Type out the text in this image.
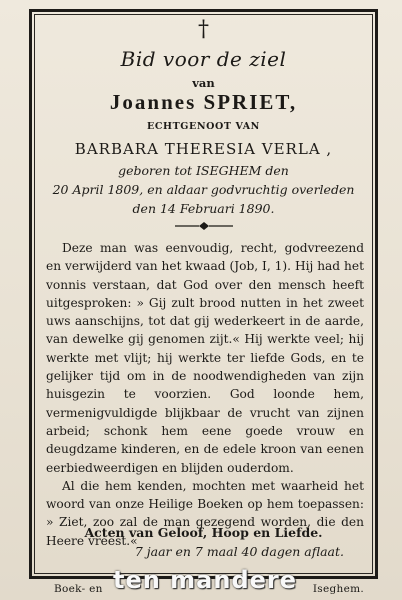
†
Bid voor de ziel
van
Joannes SPRIET,
ECHTGENOOT VAN
BARBARA THERESIA VERLA ,
geboren tot ISEGHEM den
20 April 1809, en aldaar godvruchtig overleden
den 14 Februari 1890.

Deze man was eenvoudig, recht, godvreezend en verwijderd van het kwaad (Job, I, 1). Hij had het vonnis verstaan, dat God over den mensch heeft uitgesproken: » Gij zult brood nutten in het zweet uws aanschijns, tot dat gij wederkeert in de aarde, van dewelke gij genomen zijt.« Hij werkte veel; hij werkte met vlijt; hij werkte ter liefde Gods, en te gelijker tijd om in de noodwendigheden van zijn huisgezin te voorzien. God loonde hem, vermenigvuldigde blijkbaar de vrucht van zijnen arbeid; schonk hem eene goede vrouw en deugdzame kinderen, en de edele kroon van eenen eerbiedweerdigen en blijden ouderdom.

Al die hem kenden, mochten met waarheid het woord van onze Heilige Boeken op hem toepassen: » Ziet, zoo zal de man gezegend worden, die den Heere vreest.«

Acten van Geloof, Hoop en Liefde.
7 jaar en 7 maal 40 dagen aflaat.
Boek- en	Iseghem.
ten mandere
